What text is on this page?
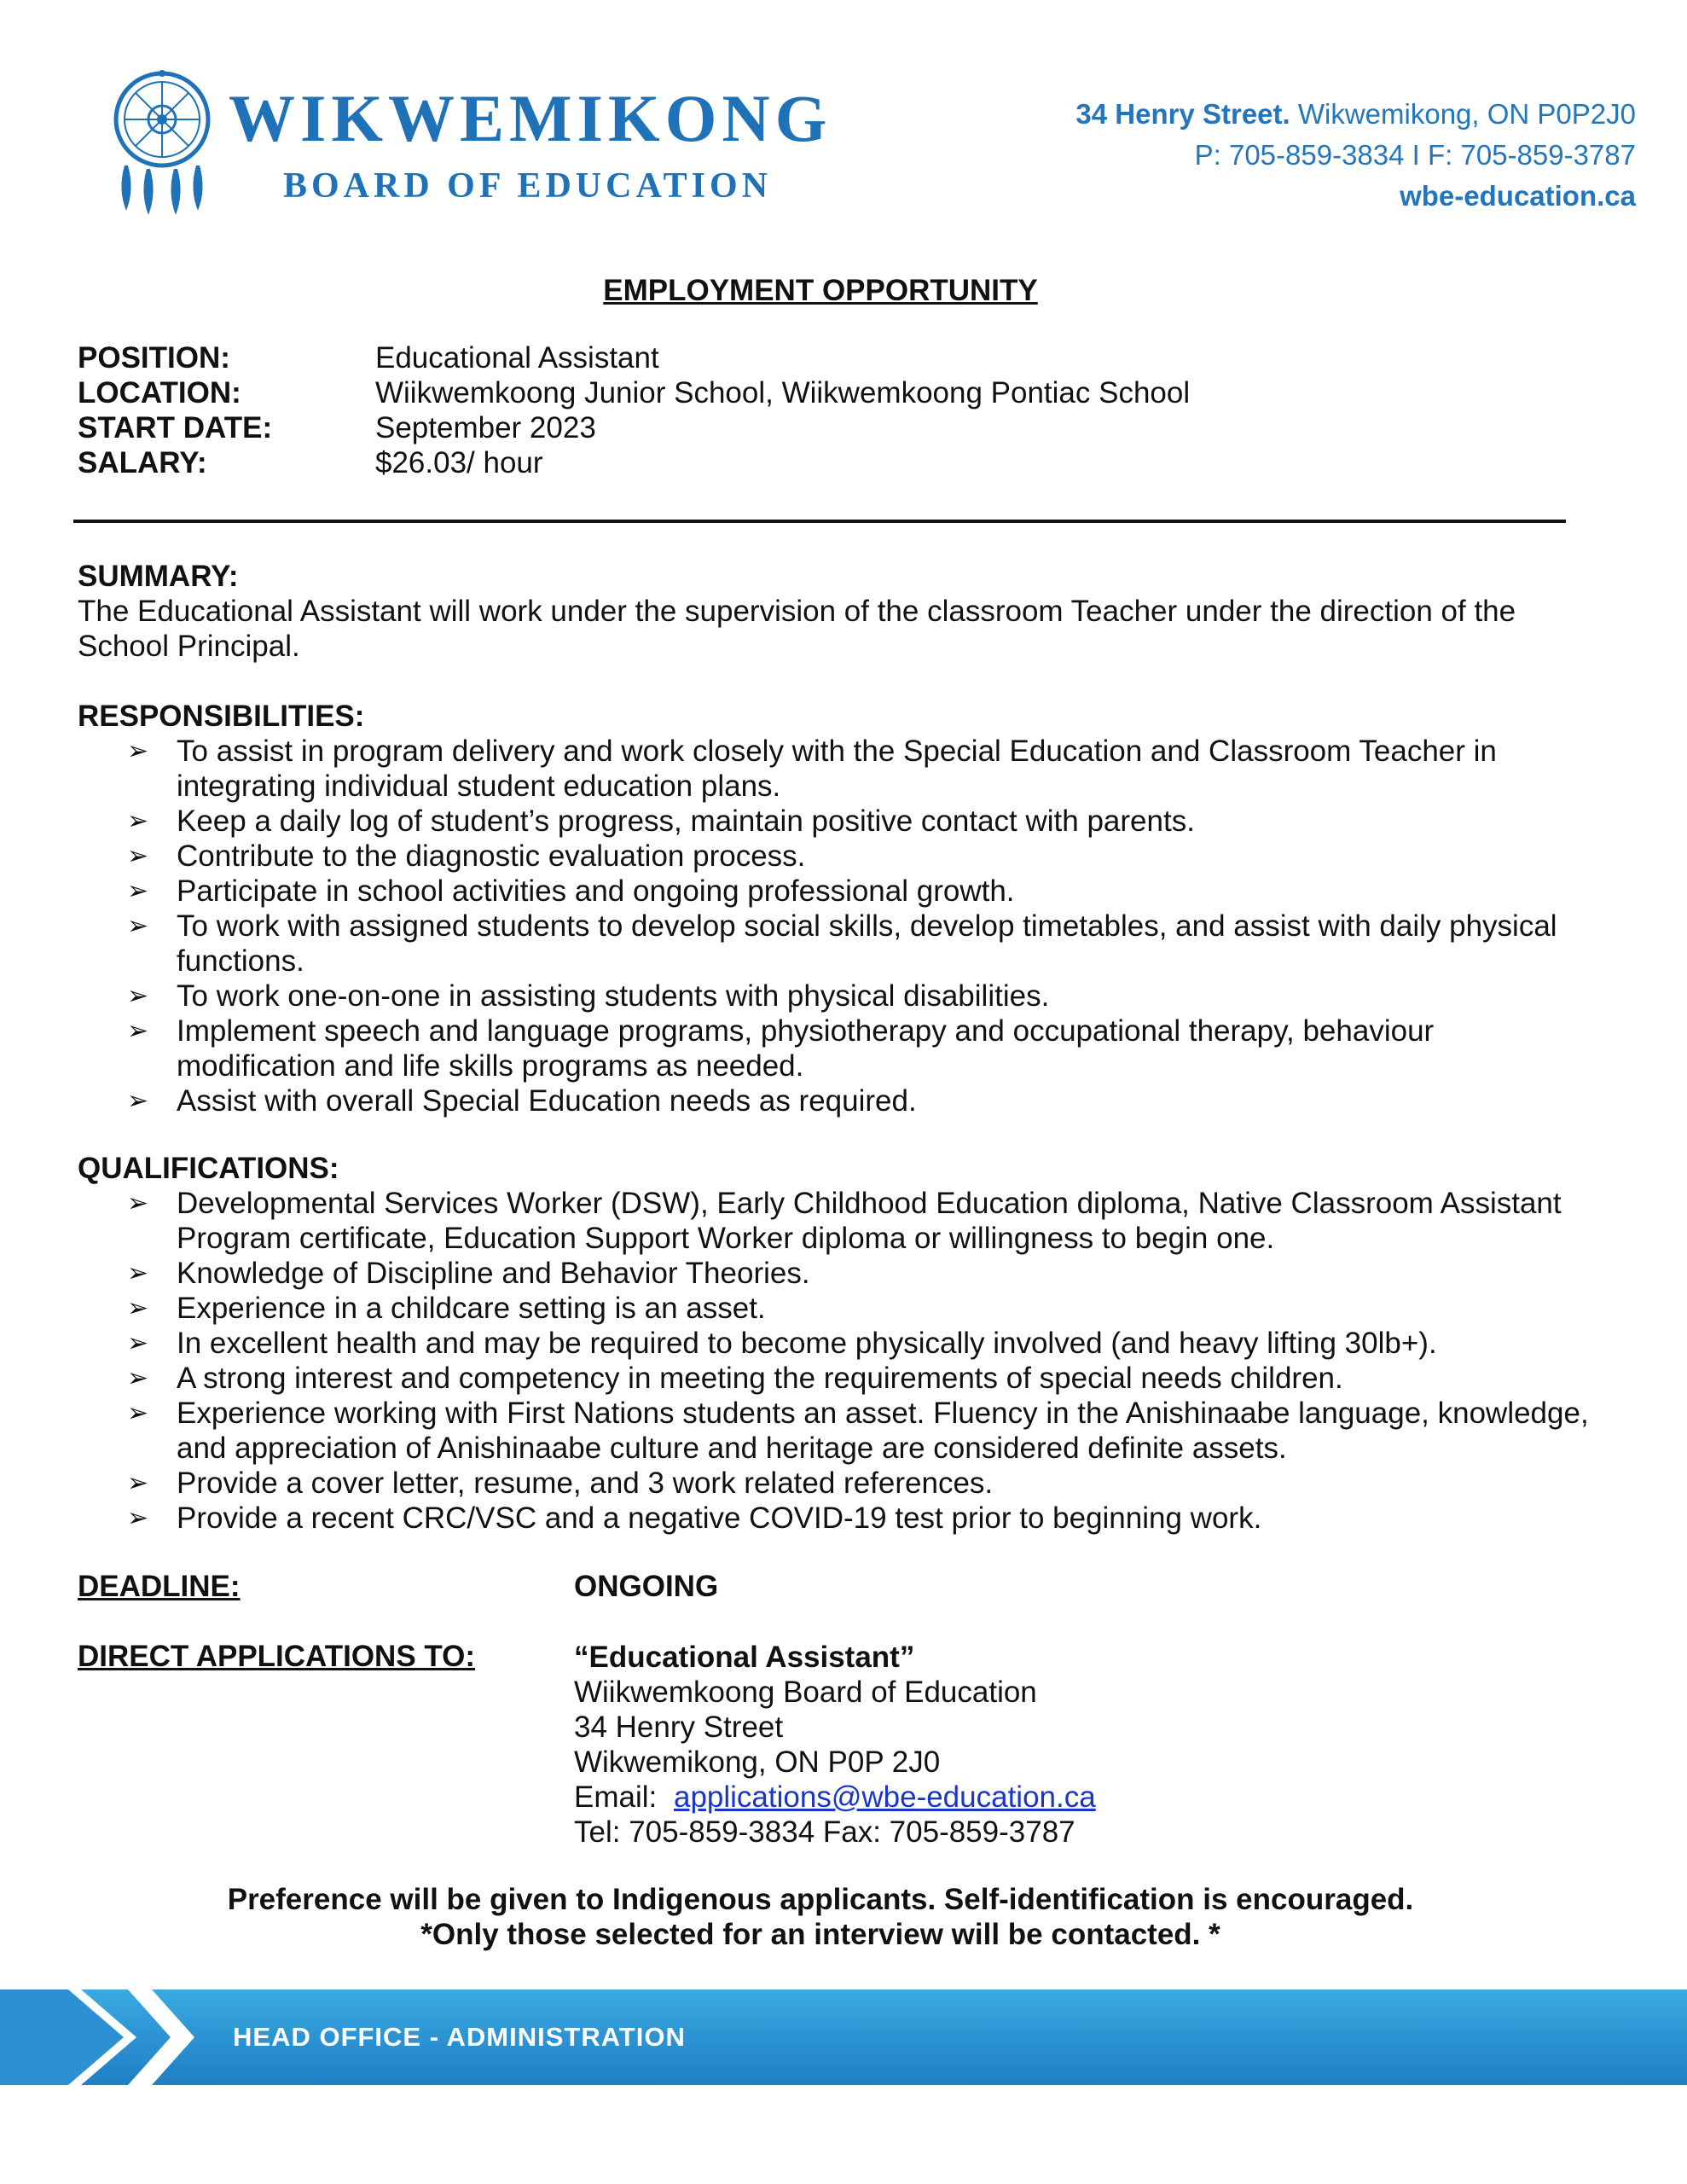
WIKWEMIKONG
BOARD OF EDUCATION
34 Henry Street. Wikwemikong, ON P0P2J0
P: 705-859-3834 I F: 705-859-3787
wbe-education.ca
EMPLOYMENT OPPORTUNITY
POSITION:	Educational Assistant
LOCATION:	Wiikwemkoong Junior School, Wiikwemkoong Pontiac School
START DATE:	September 2023
SALARY:	$26.03/ hour
SUMMARY:
The Educational Assistant will work under the supervision of the classroom Teacher under the direction of the School Principal.
RESPONSIBILITIES:
➢ To assist in program delivery and work closely with the Special Education and Classroom Teacher in integrating individual student education plans.
➢ Keep a daily log of student’s progress, maintain positive contact with parents.
➢ Contribute to the diagnostic evaluation process.
➢ Participate in school activities and ongoing professional growth.
➢ To work with assigned students to develop social skills, develop timetables, and assist with daily physical functions.
➢ To work one-on-one in assisting students with physical disabilities.
➢ Implement speech and language programs, physiotherapy and occupational therapy, behaviour modification and life skills programs as needed.
➢ Assist with overall Special Education needs as required.
QUALIFICATIONS:
➢ Developmental Services Worker (DSW), Early Childhood Education diploma, Native Classroom Assistant Program certificate, Education Support Worker diploma or willingness to begin one.
➢ Knowledge of Discipline and Behavior Theories.
➢ Experience in a childcare setting is an asset.
➢ In excellent health and may be required to become physically involved (and heavy lifting 30lb+).
➢ A strong interest and competency in meeting the requirements of special needs children.
➢ Experience working with First Nations students an asset. Fluency in the Anishinaabe language, knowledge, and appreciation of Anishinaabe culture and heritage are considered definite assets.
➢ Provide a cover letter, resume, and 3 work related references.
➢ Provide a recent CRC/VSC and a negative COVID-19 test prior to beginning work.
DEADLINE:	ONGOING
DIRECT APPLICATIONS TO:	“Educational Assistant”
Wiikwemkoong Board of Education
34 Henry Street
Wikwemikong, ON P0P 2J0
Email: applications@wbe-education.ca
Tel: 705-859-3834 Fax: 705-859-3787
Preference will be given to Indigenous applicants. Self-identification is encouraged.
*Only those selected for an interview will be contacted. *
HEAD OFFICE - ADMINISTRATION
